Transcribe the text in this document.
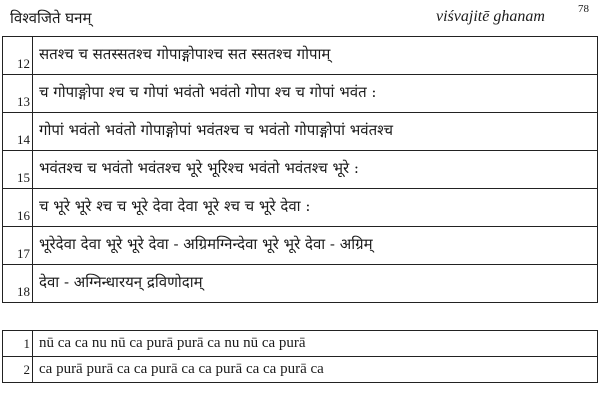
विश्वजिते घनम्	viśvajitē ghanam	78
12	सतश्च च सतस्सतश्च गोपाङ्गोपाश्च सत स्सतश्च गोपाम्
13	च गोपाङ्गोपा श्च च गोपां भवंतो भवंतो गोपा श्च च गोपां भवंत :
14	गोपां भवंतो भवंतो गोपाङ्गोपां भवंतश्च च भवंतो गोपाङ्गोपां भवंतश्च
15	भवंतश्च च भवंतो भवंतश्च भूरे भूरिश्च भवंतो भवंतश्च भूरे :
16	च भूरे भूरे श्च च भूरे देवा देवा भूरे श्च च भूरे देवा :
17	भूरेदेवा देवा भूरे भूरे देवा - अग्रिमग्निन्देवा भूरे भूरे देवा - अग्रिम्
18	देवा - अग्निन्धारयन् द्रविणोदाम्
1	nū ca ca nu nū ca purā purā ca nu nū ca purā
2	ca purā purā ca ca purā ca ca purā ca ca purā ca
